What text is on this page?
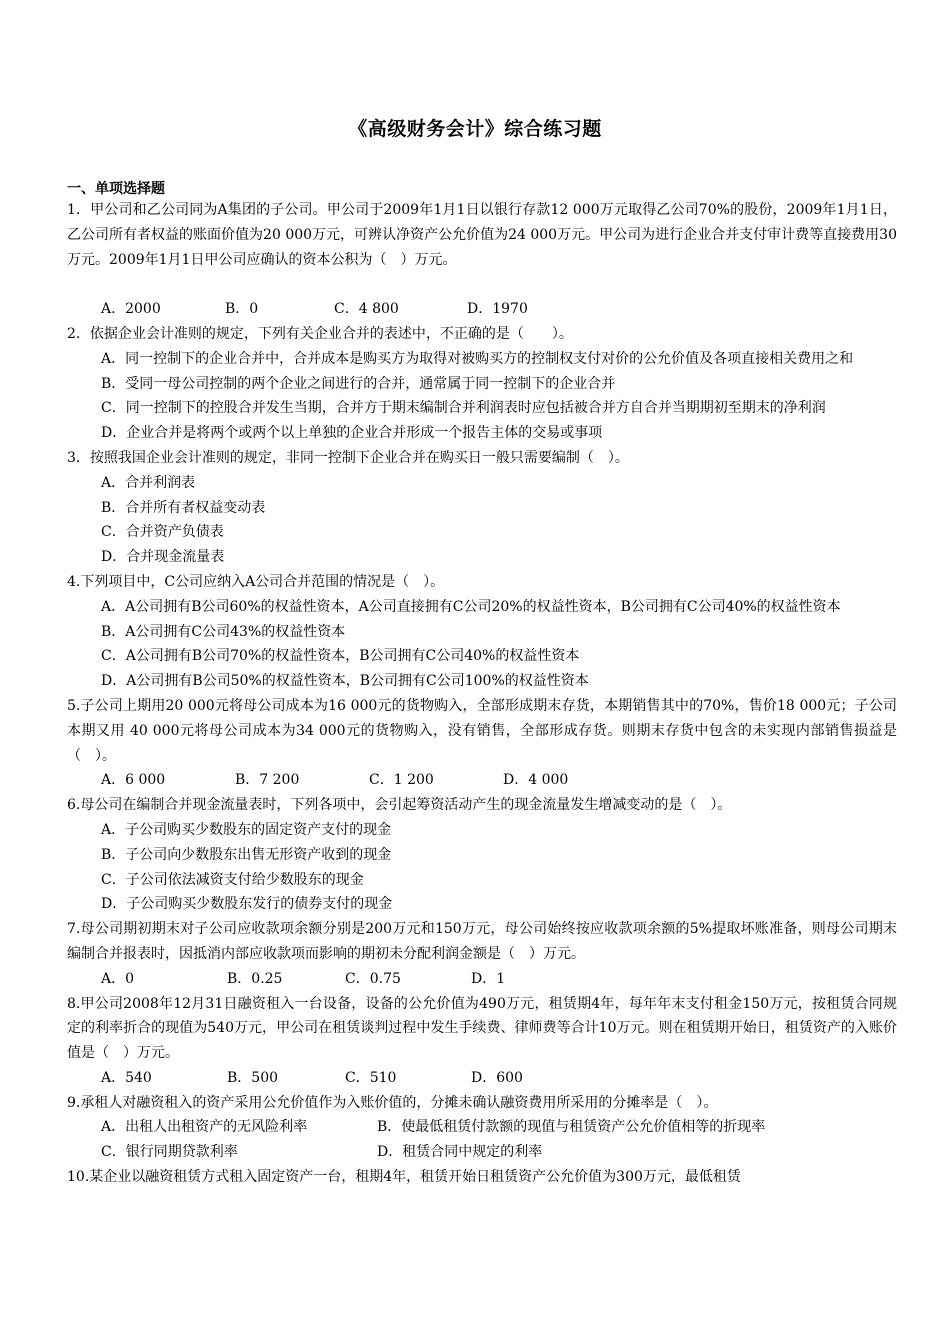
《高级财务会计》综合练习题
一、单项选择题

1．甲公司和乙公司同为A集团的子公司。甲公司于2009年1月1日以银行存款12 000万元取得乙公司70%的股份，2009年1月1日，乙公司所有者权益的账面价值为20 000万元，可辨认净资产公允价值为24 000万元。甲公司为进行企业合并支付审计费等直接费用30万元。2009年1月1日甲公司应确认的资本公积为（　）万元。

A．2000	B．0	C．4 800	D．1970

2．依据企业会计准则的规定，下列有关企业合并的表述中，不正确的是（　　）。

A．同一控制下的企业合并中，合并成本是购买方为取得对被购买方的控制权支付对价的公允价值及各项直接相关费用之和

B．受同一母公司控制的两个企业之间进行的合并，通常属于同一控制下的企业合并

C．同一控制下的控股合并发生当期，合并方于期末编制合并利润表时应包括被合并方自合并当期期初至期末的净利润

D．企业合并是将两个或两个以上单独的企业合并形成一个报告主体的交易或事项

3．按照我国企业会计准则的规定，非同一控制下企业合并在购买日一般只需要编制（　）。

A．合并利润表

B．合并所有者权益变动表

C．合并资产负债表

D．合并现金流量表

4.下列项目中，C公司应纳入A公司合并范围的情况是（　）。

A．A公司拥有B公司60%的权益性资本，A公司直接拥有C公司20%的权益性资本，B公司拥有C公司40%的权益性资本

B．A公司拥有C公司43%的权益性资本

C．A公司拥有B公司70%的权益性资本，B公司拥有C公司40%的权益性资本

D．A公司拥有B公司50%的权益性资本，B公司拥有C公司100%的权益性资本

5.子公司上期用20 000元将母公司成本为16 000元的货物购入，全部形成期末存货，本期销售其中的70%，售价18 000元；子公司本期又用 40 000元将母公司成本为34 000元的货物购入，没有销售，全部形成存货。则期末存货中包含的未实现内部销售损益是（　）。

A．6 000	B．7 200	C．1 200	D．4 000

6.母公司在编制合并现金流量表时，下列各项中，会引起筹资活动产生的现金流量发生增减变动的是（　）。

A．子公司购买少数股东的固定资产支付的现金

B．子公司向少数股东出售无形资产收到的现金

C．子公司依法减资支付给少数股东的现金

D．子公司购买少数股东发行的债券支付的现金

7.母公司期初期末对子公司应收款项余额分别是200万元和150万元，母公司始终按应收款项余额的5%提取坏账准备，则母公司期末编制合并报表时，因抵消内部应收款项而影响的期初未分配利润金额是（　）万元。

A．0	B．0.25	C．0.75	D．1

8.甲公司2008年12月31日融资租入一台设备，设备的公允价值为490万元，租赁期4年，每年年末支付租金150万元，按租赁合同规定的利率折合的现值为540万元，甲公司在租赁谈判过程中发生手续费、律师费等合计10万元。则在租赁期开始日，租赁资产的入账价值是（　）万元。

A．540	B．500	C．510	D．600

9.承租人对融资租入的资产采用公允价值作为入账价值的，分摊未确认融资费用所采用的分摊率是（　）。

A．出租人出租资产的无风险利率	B．使最低租赁付款额的现值与租赁资产公允价值相等的折现率

C．银行同期贷款利率	D．租赁合同中规定的利率

10.某企业以融资租赁方式租入固定资产一台，租期4年，租赁开始日租赁资产公允价值为300万元，最低租赁
